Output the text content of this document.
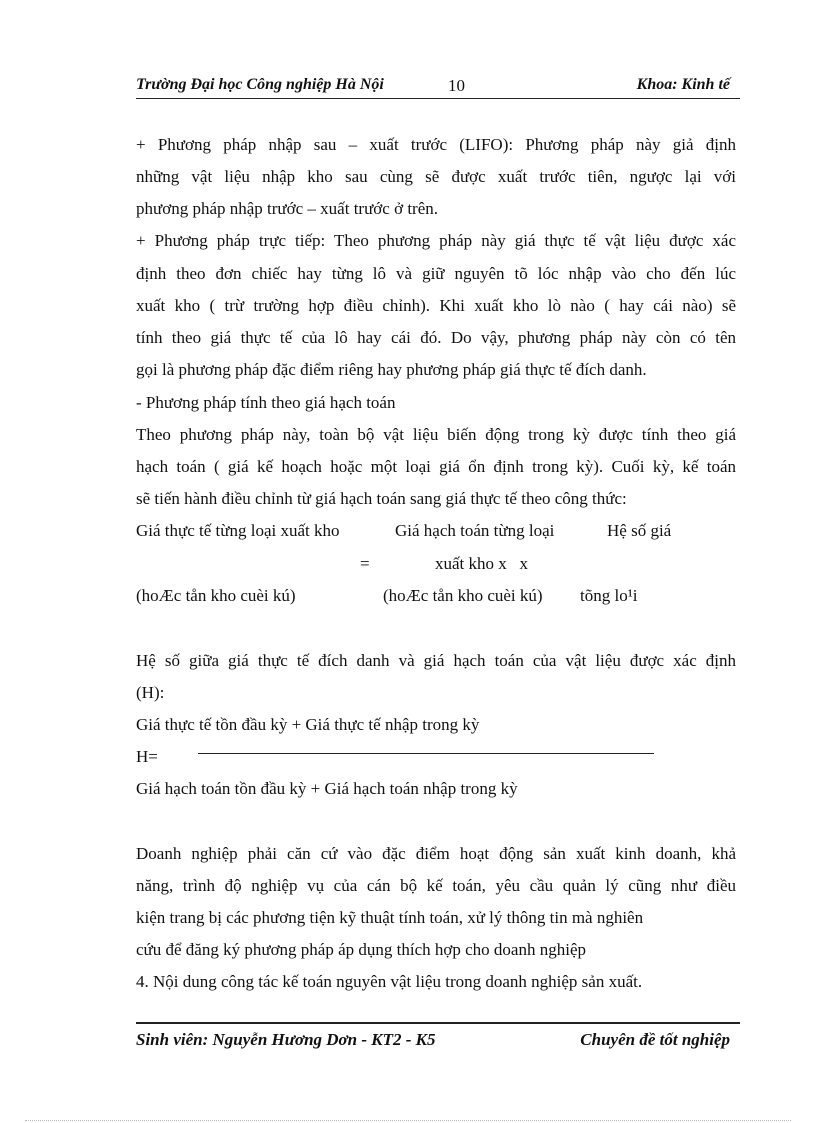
Trường Đại học Công nghiệp Hà Nội	10	Khoa: Kinh tế
+ Phương pháp nhập sau – xuất trước (LIFO): Phương pháp này giả định
những vật liệu nhập kho sau cùng sẽ được xuất trước tiên, ngược lại với
phương pháp nhập trước – xuất trước ở trên.
+ Phương pháp trực tiếp: Theo phương pháp này giá thực tế vật liệu được xác
định theo đơn chiếc hay từng lô và giữ nguyên tõ lóc nhập vào cho đến lúc
xuất kho ( trừ trường hợp điều chỉnh). Khi xuất kho lò nào ( hay cái nào) sẽ
tính theo giá thực tế của lô hay cái đó. Do vậy, phương pháp này còn có tên
gọi là phương pháp đặc điểm riêng hay phương pháp giá thực tế đích danh.
- Phương pháp tính theo giá hạch toán
Theo phương pháp này, toàn bộ vật liệu biến động trong kỳ được tính theo giá
hạch toán ( giá kế hoạch hoặc một loại giá ổn định trong kỳ). Cuối kỳ, kế toán
sẽ tiến hành điều chỉnh từ giá hạch toán sang giá thực tế theo công thức:
Giá thực tế từng loại xuất kho	Giá hạch toán từng loại	Hệ số giá
=	xuất kho x   x
(hoÆc tån kho cuèi kú)	(hoÆc tån kho cuèi kú) tõng lo¹i
Hệ số giữa giá thực tế đích danh và giá hạch toán của vật liệu được xác định
(H):
Giá thực tế tồn đầu kỳ + Giá thực tế nhập trong kỳ
H=
Giá hạch toán tồn đầu kỳ + Giá hạch toán nhập trong kỳ
Doanh nghiệp phải căn cứ vào đặc điểm hoạt động sản xuất kinh doanh, khả
năng, trình độ nghiệp vụ của cán bộ kế toán, yêu cầu quản lý cũng như điều
kiện trang bị các phương tiện kỹ thuật tính toán, xử lý thông tin mà nghiên
cứu để đăng ký phương pháp áp dụng thích hợp cho doanh nghiệp
4. Nội dung công tác kế toán nguyên vật liệu trong doanh nghiệp sản xuất.
Sinh viên: Nguyễn Hương Dơn - KT2 - K5	Chuyên đề tốt nghiệp
